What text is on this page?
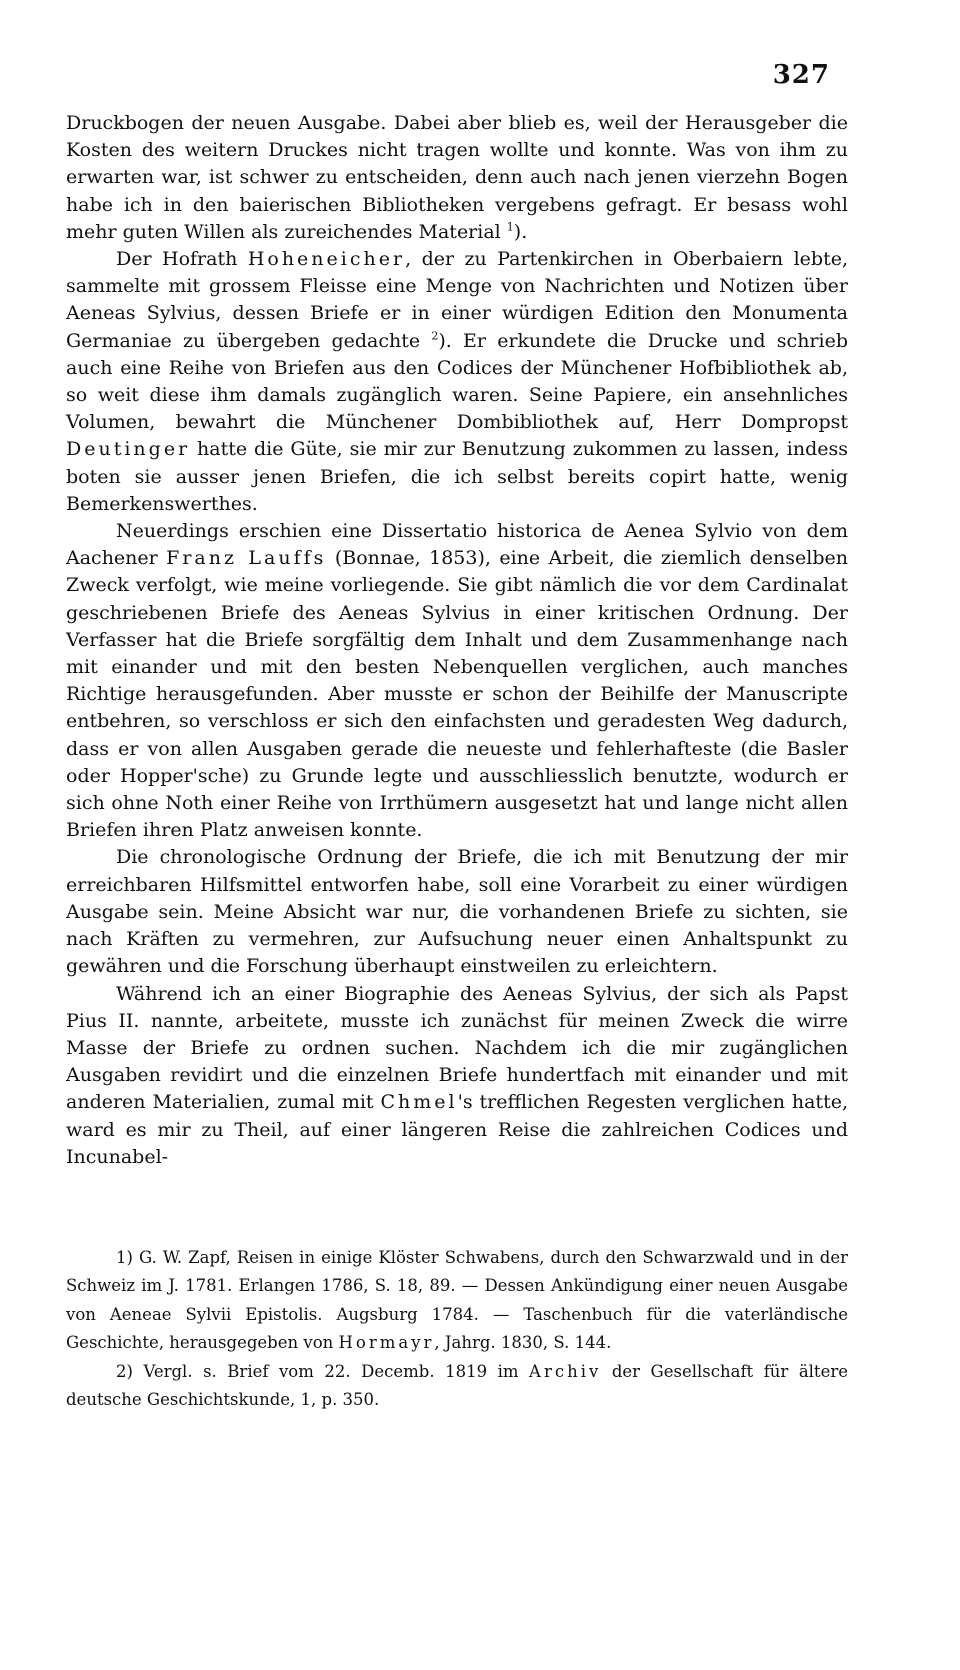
327

Druckbogen der neuen Ausgabe. Dabei aber blieb es, weil der Herausgeber die Kosten des weitern Druckes nicht tragen wollte und konnte. Was von ihm zu erwarten war, ist schwer zu entscheiden, denn auch nach jenen vierzehn Bogen habe ich in den baierischen Bibliotheken vergebens gefragt. Er besass wohl mehr guten Willen als zureichendes Material $^1$).

Der Hofrath Hoheneicher, der zu Partenkirchen in Oberbaiern lebte, sammelte mit grossem Fleisse eine Menge von Nachrichten und Notizen über Aeneas Sylvius, dessen Briefe er in einer würdigen Edition den Monumenta Germaniae zu übergeben gedachte $^2$). Er erkundete die Drucke und schrieb auch eine Reihe von Briefen aus den Codices der Münchener Hofbibliothek ab, so weit diese ihm damals zugänglich waren. Seine Papiere, ein ansehnliches Volumen, bewahrt die Münchener Dombibliothek auf, Herr Dompropst Deutinger hatte die Güte, sie mir zur Benutzung zukommen zu lassen, indess boten sie ausser jenen Briefen, die ich selbst bereits copirt hatte, wenig Bemerkenswerthes.

Neuerdings erschien eine Dissertatio historica de Aenea Sylvio von dem Aachener Franz Lauffs (Bonnae, 1853), eine Arbeit, die ziemlich denselben Zweck verfolgt, wie meine vorliegende. Sie gibt nämlich die vor dem Cardinalat geschriebenen Briefe des Aeneas Sylvius in einer kritischen Ordnung. Der Verfasser hat die Briefe sorgfältig dem Inhalt und dem Zusammenhange nach mit einander und mit den besten Nebenquellen verglichen, auch manches Richtige herausgefunden. Aber musste er schon der Beihilfe der Manuscripte entbehren, so verschloss er sich den einfachsten und geradesten Weg dadurch, dass er von allen Ausgaben gerade die neueste und fehlerhafteste (die Basler oder Hopper'sche) zu Grunde legte und ausschliesslich benutzte, wodurch er sich ohne Noth einer Reihe von Irrthümern ausgesetzt hat und lange nicht allen Briefen ihren Platz anweisen konnte.

Die chronologische Ordnung der Briefe, die ich mit Benutzung der mir erreichbaren Hilfsmittel entworfen habe, soll eine Vorarbeit zu einer würdigen Ausgabe sein. Meine Absicht war nur, die vorhandenen Briefe zu sichten, sie nach Kräften zu vermehren, zur Aufsuchung neuer einen Anhaltspunkt zu gewähren und die Forschung überhaupt einstweilen zu erleichtern.

Während ich an einer Biographie des Aeneas Sylvius, der sich als Papst Pius II. nannte, arbeitete, musste ich zunächst für meinen Zweck die wirre Masse der Briefe zu ordnen suchen. Nachdem ich die mir zugänglichen Ausgaben revidirt und die einzelnen Briefe hundertfach mit einander und mit anderen Materialien, zumal mit Chmel's trefflichen Regesten verglichen hatte, ward es mir zu Theil, auf einer längeren Reise die zahlreichen Codices und Incunabel-

1) G. W. Zapf, Reisen in einige Klöster Schwabens, durch den Schwarzwald und in der Schweiz im J. 1781. Erlangen 1786, S. 18, 89. — Dessen Ankündigung einer neuen Ausgabe von Aeneae Sylvii Epistolis. Augsburg 1784. — Taschenbuch für die vaterländische Geschichte, herausgegeben von Hormayr, Jahrg. 1830, S. 144.

2) Vergl. s. Brief vom 22. Decemb. 1819 im Archiv der Gesellschaft für ältere deutsche Geschichtskunde, 1, p. 350.
